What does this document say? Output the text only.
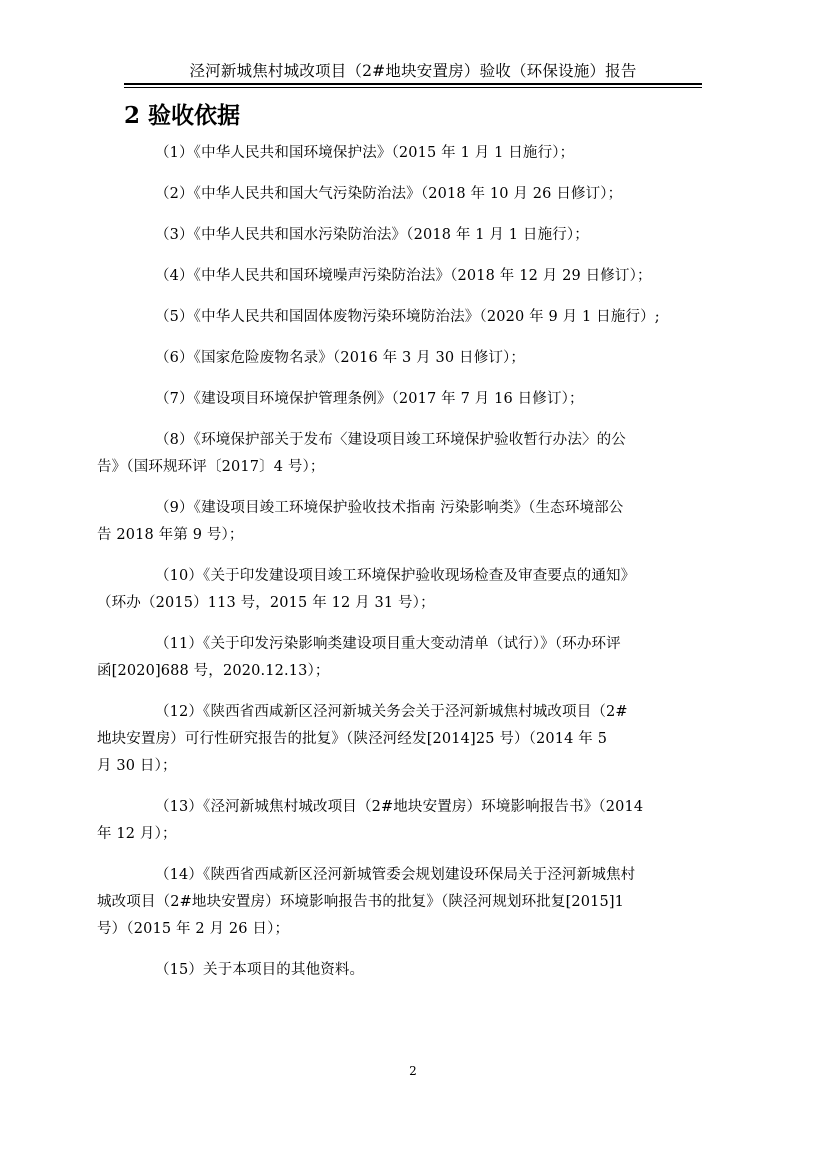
泾河新城焦村城改项目（2#地块安置房）验收（环保设施）报告
2 验收依据
（1）《中华人民共和国环境保护法》（2015 年 1 月 1 日施行）；
（2）《中华人民共和国大气污染防治法》（2018 年 10 月 26 日修订）；
（3）《中华人民共和国水污染防治法》（2018 年 1 月 1 日施行）；
（4）《中华人民共和国环境噪声污染防治法》（2018 年 12 月 29 日修订）；
（5）《中华人民共和国固体废物污染环境防治法》（2020 年 9 月 1 日施行）;
（6）《国家危险废物名录》（2016 年 3 月 30 日修订）；
（7）《建设项目环境保护管理条例》（2017 年 7 月 16 日修订）；
（8）《环境保护部关于发布〈建设项目竣工环境保护验收暂行办法〉的公
告》（国环规环评〔2017〕4 号）；
（9）《建设项目竣工环境保护验收技术指南 污染影响类》（生态环境部公
告 2018 年第 9 号）；
（10）《关于印发建设项目竣工环境保护验收现场检查及审查要点的通知》
（环办（2015）113 号，2015 年 12 月 31 号）；
（11）《关于印发污染影响类建设项目重大变动清单（试行）》（环办环评
函[2020]688 号，2020.12.13）；
（12）《陕西省西咸新区泾河新城关务会关于泾河新城焦村城改项目（2#
地块安置房）可行性研究报告的批复》（陕泾河经发[2014]25 号）（2014 年 5
月 30 日）；
（13）《泾河新城焦村城改项目（2#地块安置房）环境影响报告书》（2014
年 12 月）；
（14）《陕西省西咸新区泾河新城管委会规划建设环保局关于泾河新城焦村
城改项目（2#地块安置房）环境影响报告书的批复》（陕泾河规划环批复[2015]1
号）（2015 年 2 月 26 日）；
（15）关于本项目的其他资料。
2
